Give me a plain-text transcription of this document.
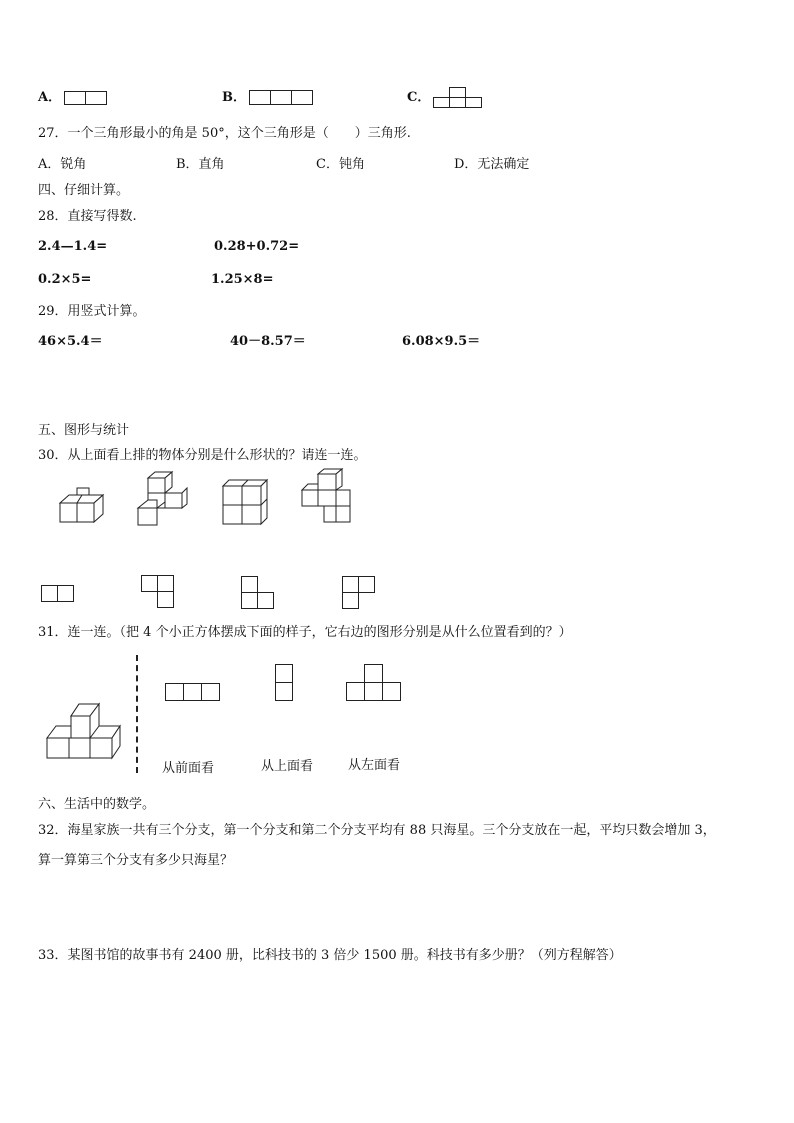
A．	B．	C．
27．一个三角形最小的角是 50°，这个三角形是（　　）三角形.
A．锐角	B．直角	C．钝角	D．无法确定
四、仔细计算。
28．直接写得数.
2.4—1.4=	0.28+0.72=
0.2×5=	1.25×8=
29．用竖式计算。
46×5.4＝	40－8.57＝	6.08×9.5＝
五、图形与统计
30．从上面看上排的物体分别是什么形状的？请连一连。
31．连一连。（把 4 个小正方体摆成下面的样子，它右边的图形分别是从什么位置看到的？）
从前面看	从上面看	从左面看
六、生活中的数学。
32．海星家族一共有三个分支，第一个分支和第二个分支平均有 88 只海星。三个分支放在一起，平均只数会增加 3，
算一算第三个分支有多少只海星？
33．某图书馆的故事书有 2400 册，比科技书的 3 倍少 1500 册。科技书有多少册？（列方程解答）
